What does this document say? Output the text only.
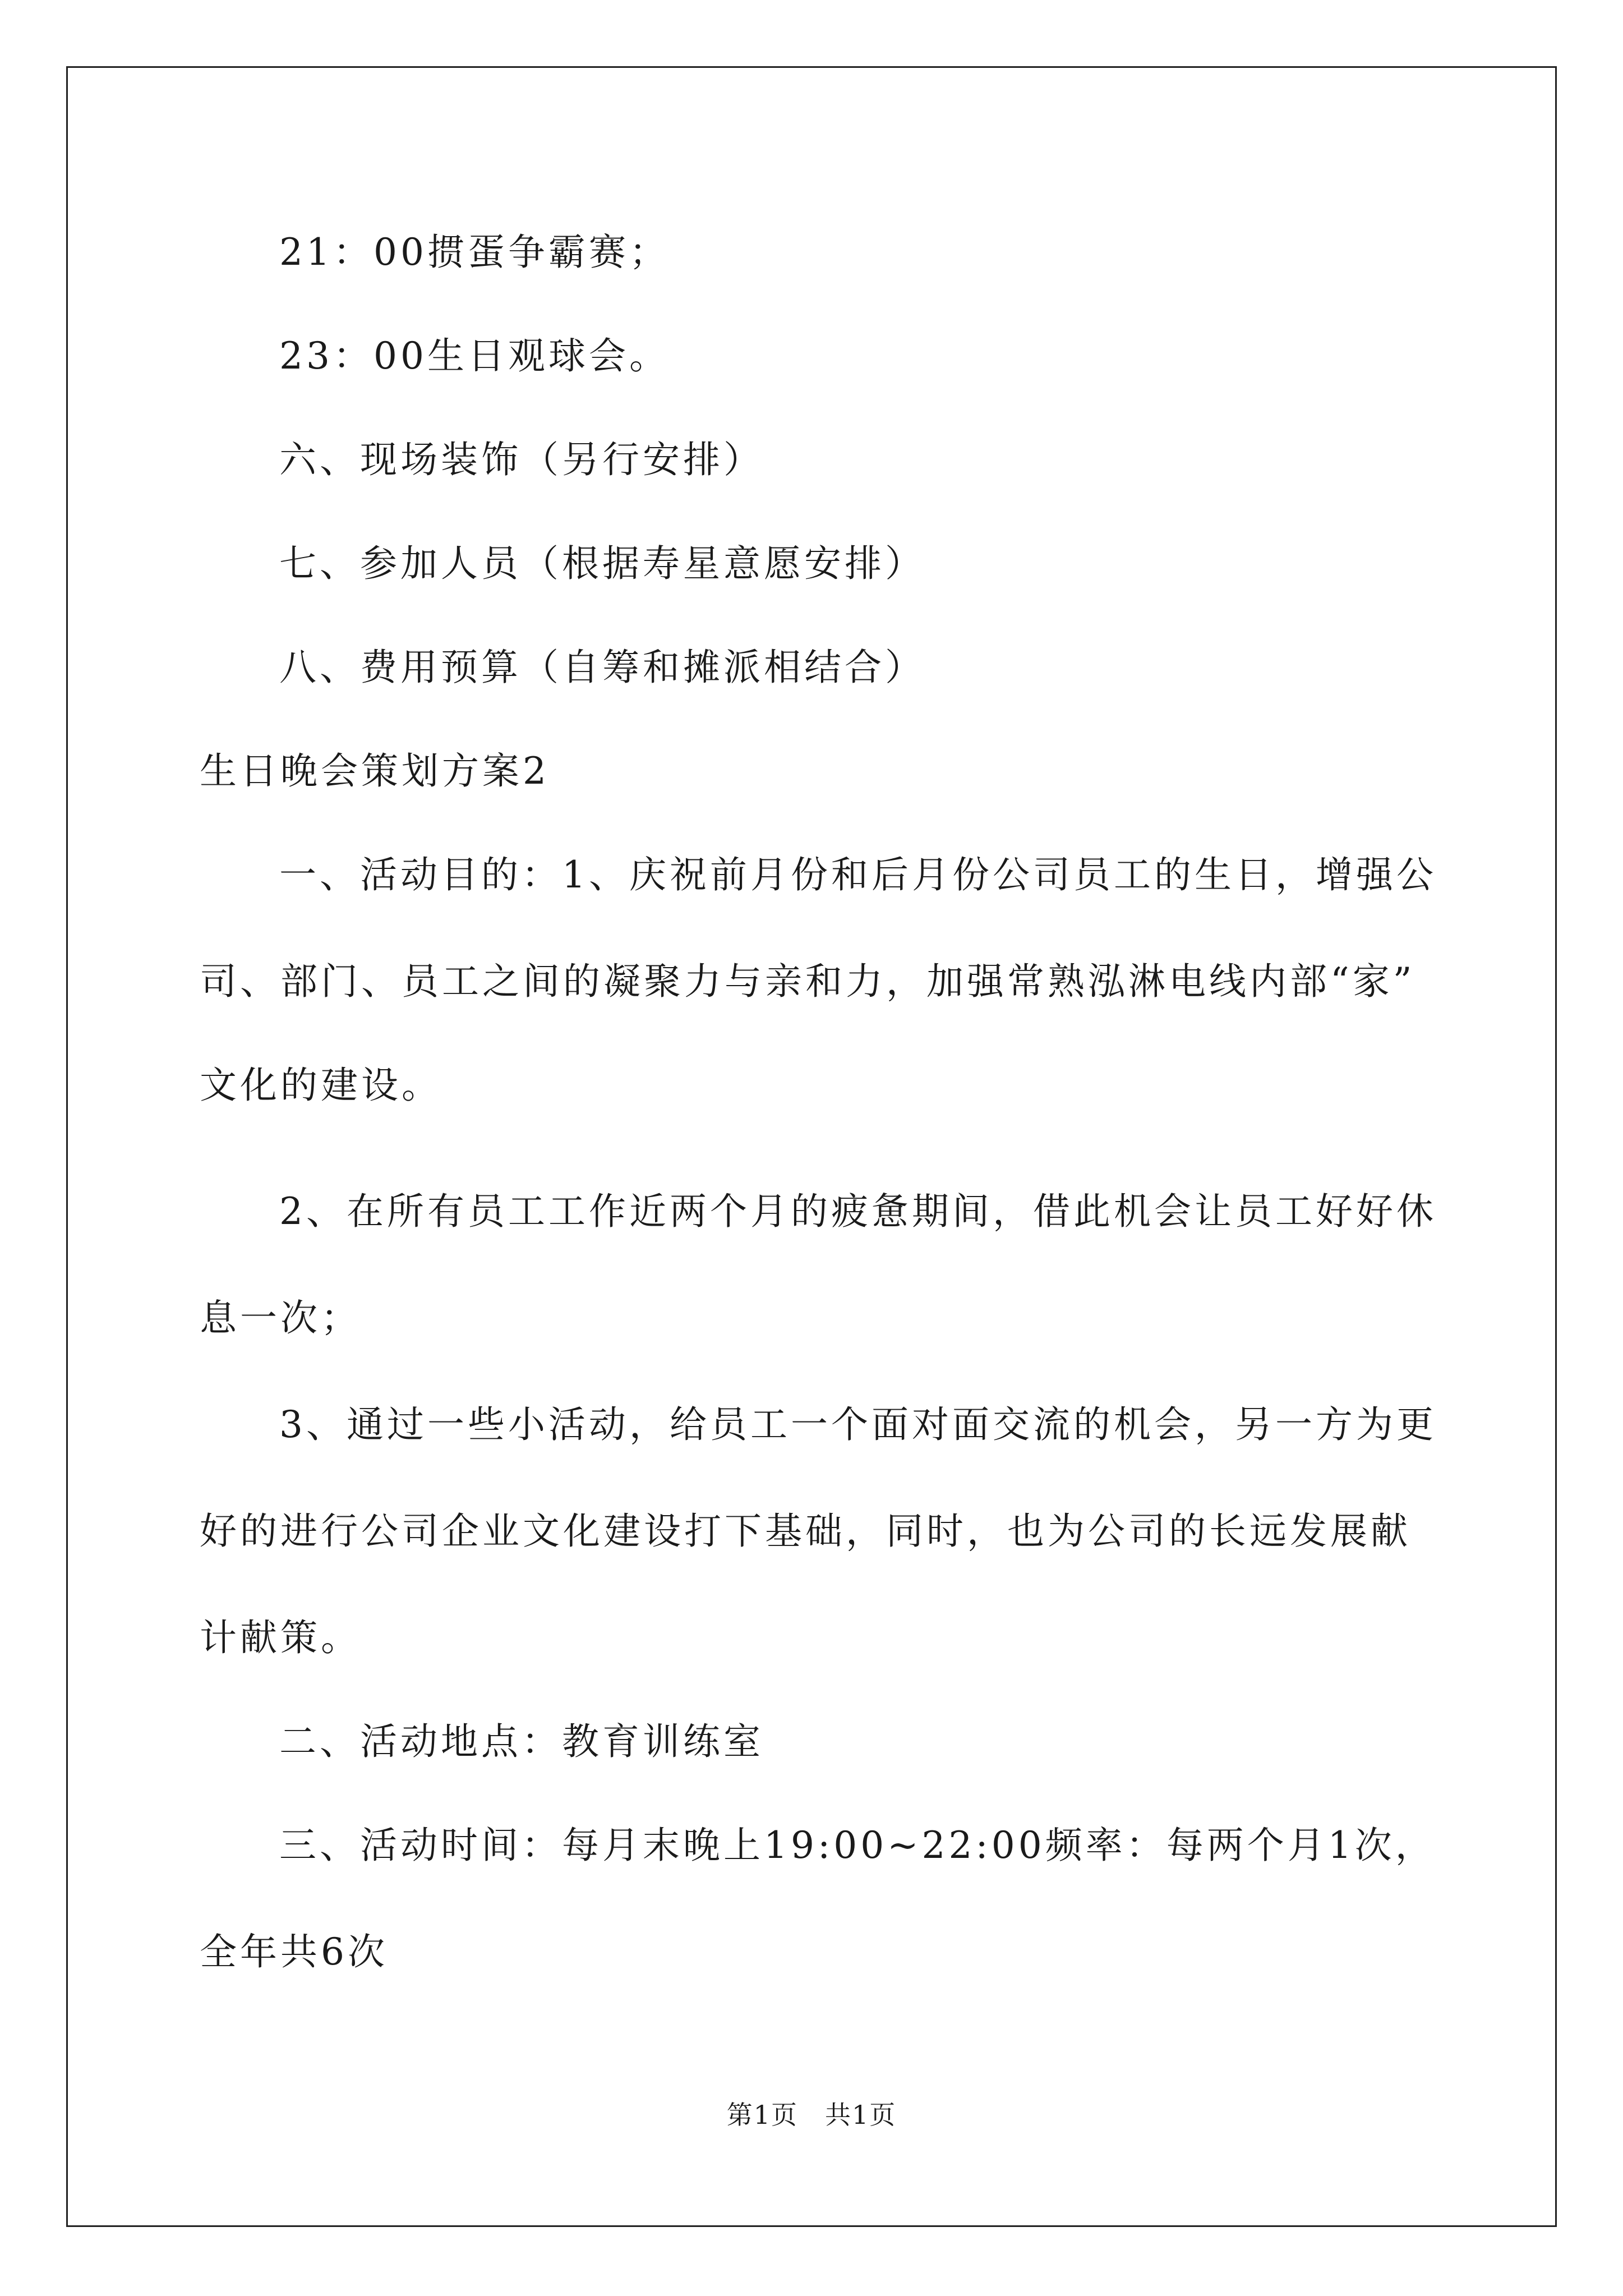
21：00掼蛋争霸赛；
23：00生日观球会。
六、现场装饰（另行安排）
七、参加人员（根据寿星意愿安排）
八、费用预算（自筹和摊派相结合）
生日晚会策划方案2
一、活动目的：1、庆祝前月份和后月份公司员工的生日，增强公
司、部门、员工之间的凝聚力与亲和力，加强常熟泓淋电线内部“家”
文化的建设。
2、在所有员工工作近两个月的疲惫期间，借此机会让员工好好休
息一次；
3、通过一些小活动，给员工一个面对面交流的机会，另一方为更
好的进行公司企业文化建设打下基础，同时，也为公司的长远发展献
计献策。
二、活动地点：教育训练室
三、活动时间：每月末晚上19:00~22:00频率：每两个月1次，
全年共6次
第1页　共1页
